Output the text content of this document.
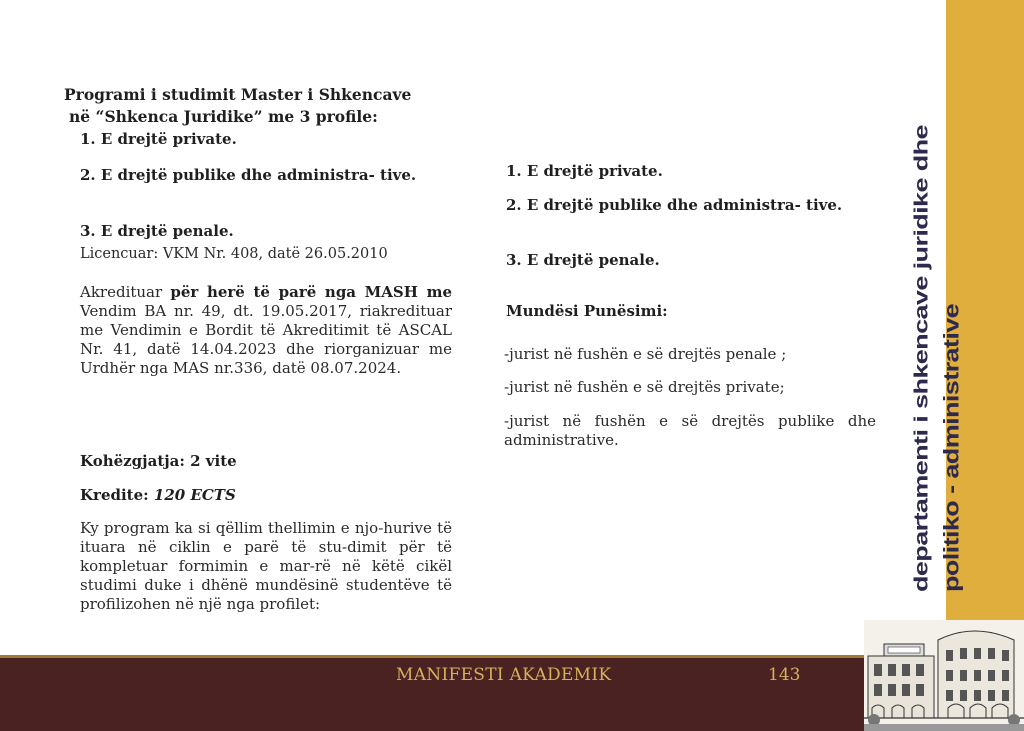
Programi i studimit Master i Shkencave
në “Shkenca Juridike” me 3 profile:
1. E drejtë private.
2. E drejtë publike dhe administra- tive.
3. E drejtë penale.
Licencuar: VKM Nr. 408, datë 26.05.2010
Akredituar për herë të parë nga MASH me Vendim BA nr. 49, dt. 19.05.2017, riakredituar me Vendimin e Bordit të Akreditimit të ASCAL Nr. 41, datë 14.04.2023 dhe riorganizuar me Urdhër nga MAS nr.336, datë 08.07.2024.
Kohëzgjatja: 2 vite
Kredite: 120 ECTS
Ky program ka si qëllim thellimin e njo-hurive të ituara në ciklin e parë të stu-dimit për të kompletuar formimin e mar-rë në këtë cikël studimi duke i dhënë mundësinë studentëve të profilizohen në një nga profilet:
1. E drejtë private.
2. E drejtë publike dhe administra- tive.
3. E drejtë penale.
Mundësi Punësimi:
-jurist në fushën e së drejtës penale ;
-jurist në fushën e së drejtës private;
-jurist në fushën e së drejtës publike dhe administrative.	departamenti i shkencave juridike dhe politiko - administrative
MANIFESTI AKADEMIK	143
